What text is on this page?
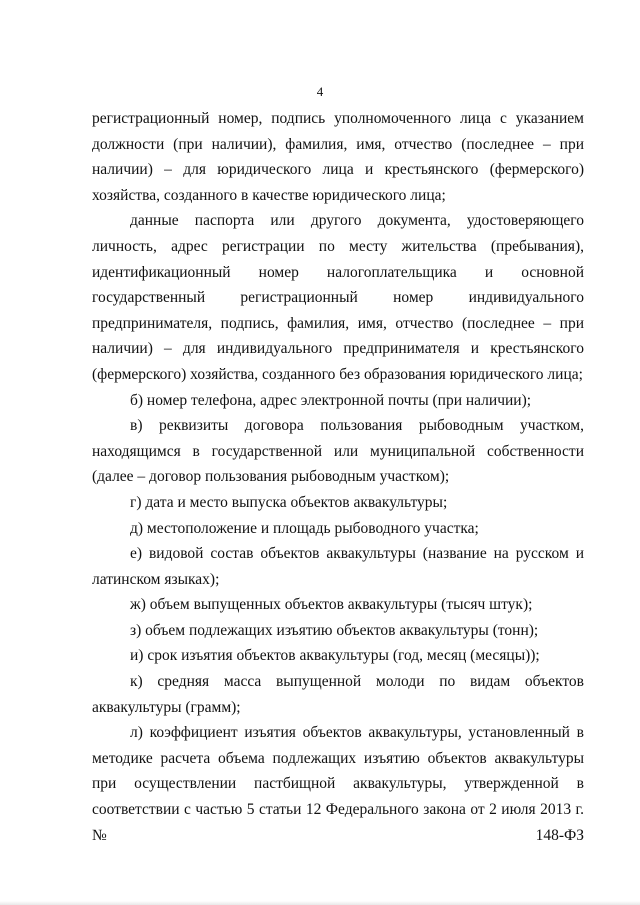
4

регистрационный номер, подпись уполномоченного лица с указанием должности (при наличии), фамилия, имя, отчество (последнее – при наличии) – для юридического лица и крестьянского (фермерского) хозяйства, созданного в качестве юридического лица;

данные паспорта или другого документа, удостоверяющего личность, адрес регистрации по месту жительства (пребывания), идентификационный номер налогоплательщика и основной государственный регистрационный номер индивидуального предпринимателя, подпись, фамилия, имя, отчество (последнее – при наличии) – для индивидуального предпринимателя и крестьянского (фермерского) хозяйства, созданного без образования юридического лица;

б) номер телефона, адрес электронной почты (при наличии);

в) реквизиты договора пользования рыбоводным участком, находящимся в государственной или муниципальной собственности (далее – договор пользования рыбоводным участком);

г) дата и место выпуска объектов аквакультуры;

д) местоположение и площадь рыбоводного участка;

е) видовой состав объектов аквакультуры (название на русском и латинском языках);

ж) объем выпущенных объектов аквакультуры (тысяч штук);

з) объем подлежащих изъятию объектов аквакультуры (тонн);

и) срок изъятия объектов аквакультуры (год, месяц (месяцы));

к) средняя масса выпущенной молоди по видам объектов аквакультуры (грамм);

л) коэффициент изъятия объектов аквакультуры, установленный в методике расчета объема подлежащих изъятию объектов аквакультуры при осуществлении пастбищной аквакультуры, утвержденной в соответствии с частью 5 статьи 12 Федерального закона от 2 июля 2013 г. № 148-ФЗ
